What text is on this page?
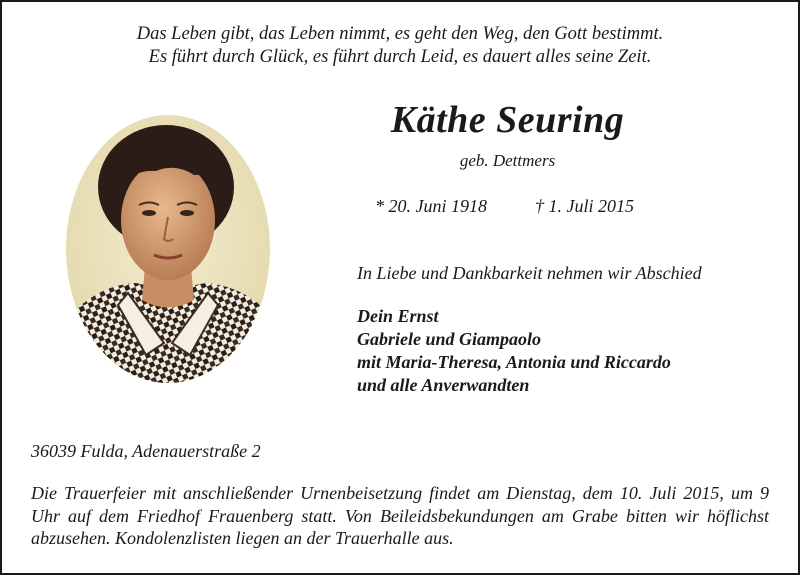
Das Leben gibt, das Leben nimmt, es geht den Weg, den Gott bestimmt.
Es führt durch Glück, es führt durch Leid, es dauert alles seine Zeit.
Käthe Seuring
geb. Dettmers
* 20. Juni 1918	† 1. Juli 2015
In Liebe und Dankbarkeit nehmen wir Abschied
Dein Ernst
Gabriele und Giampaolo
mit Maria-Theresa, Antonia und Riccardo
und alle Anverwandten
36039 Fulda, Adenauerstraße 2

Die Trauerfeier mit anschließender Urnenbeisetzung findet am Dienstag, dem 10. Juli 2015, um 9 Uhr auf dem Friedhof Frauenberg statt. Von Beileidsbekundungen am Grabe bitten wir höflichst abzusehen. Kondolenzlisten liegen an der Trauerhalle aus.
